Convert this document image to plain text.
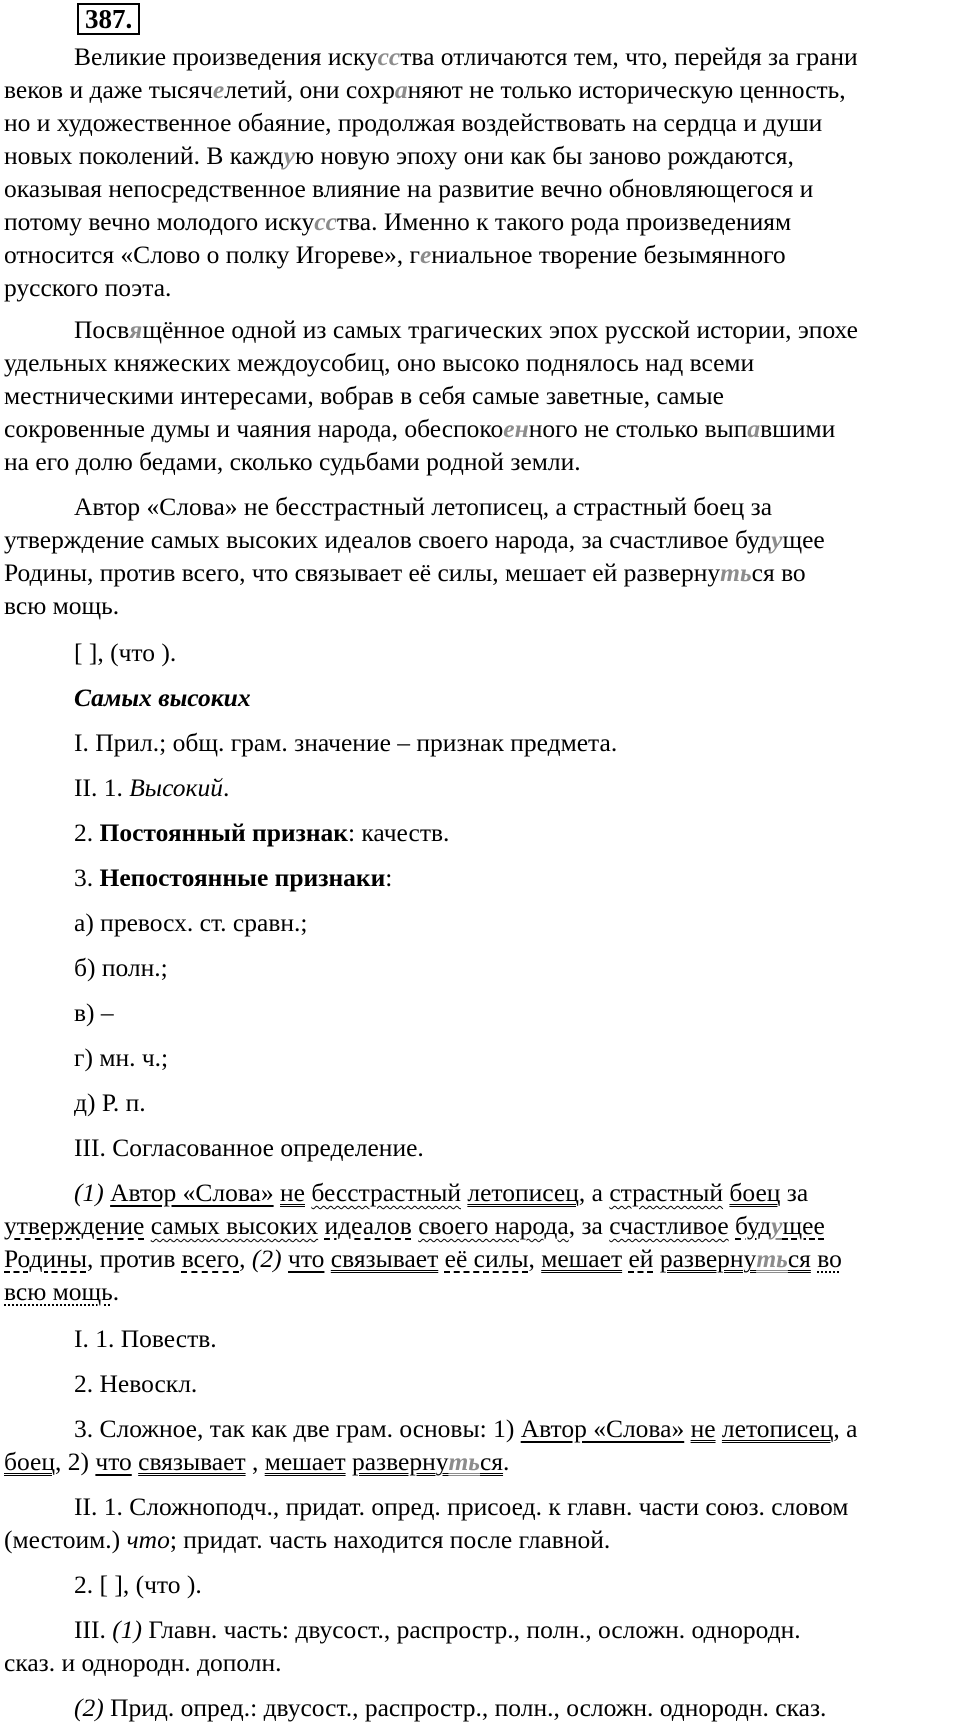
387.

Великие произведения искусства отличаются тем, что, перейдя за грани

веков и даже тысячелетий, они сохраняют не только историческую ценность,

но и художественное обаяние, продолжая воздействовать на сердца и души

новых поколений. В каждую новую эпоху они как бы заново рождаются,

оказывая непосредственное влияние на развитие вечно обновляющегося и

потому вечно молодого искусства. Именно к такого рода произведениям

относится «Слово о полку Игореве», гениальное творение безымянного

русского поэта.

Посвящённое одной из самых трагических эпох русской истории, эпохе

удельных княжеских междоусобиц, оно высоко поднялось над всеми

местническими интересами, вобрав в себя самые заветные, самые

сокровенные думы и чаяния народа, обеспокоенного не столько выпавшими

на его долю бедами, сколько судьбами родной земли.

Автор «Слова» не бесстрастный летописец, а страстный боец за

утверждение самых высоких идеалов своего народа, за счастливое будущее

Родины, против всего, что связывает её силы, мешает ей развернуться во

всю мощь.

[ ], (что ).

Самых высоких

I. Прил.; общ. грам. значение – признак предмета.

II. 1. Высокий.

2. Постоянный признак: качеств.

3. Непостоянные признаки:

а) превосх. ст. сравн.;

б) полн.;

в) –

г) мн. ч.;

д) Р. п.

III. Согласованное определение.

(1) Автор «Слова» не бесстрастный летописец, а страстный боец за

утверждение самых высоких идеалов своего народа, за счастливое будущее

Родины, против всего, (2) что связывает её силы, мешает ей развернуться во

всю мощь.

I. 1. Повеств.

2. Невоскл.

3. Сложное, так как две грам. основы: 1) Автор «Слова» не летописец, а

боец, 2) что связывает , мешает развернуться.

II. 1. Сложноподч., придат. опред. присоед. к главн. части союз. словом

(местоим.) что; придат. часть находится после главной.

2. [ ], (что ).

III. (1) Главн. часть: двусост., распростр., полн., осложн. однородн.

сказ. и однородн. дополн.

(2) Прид. опред.: двусост., распростр., полн., осложн. однородн. сказ.
